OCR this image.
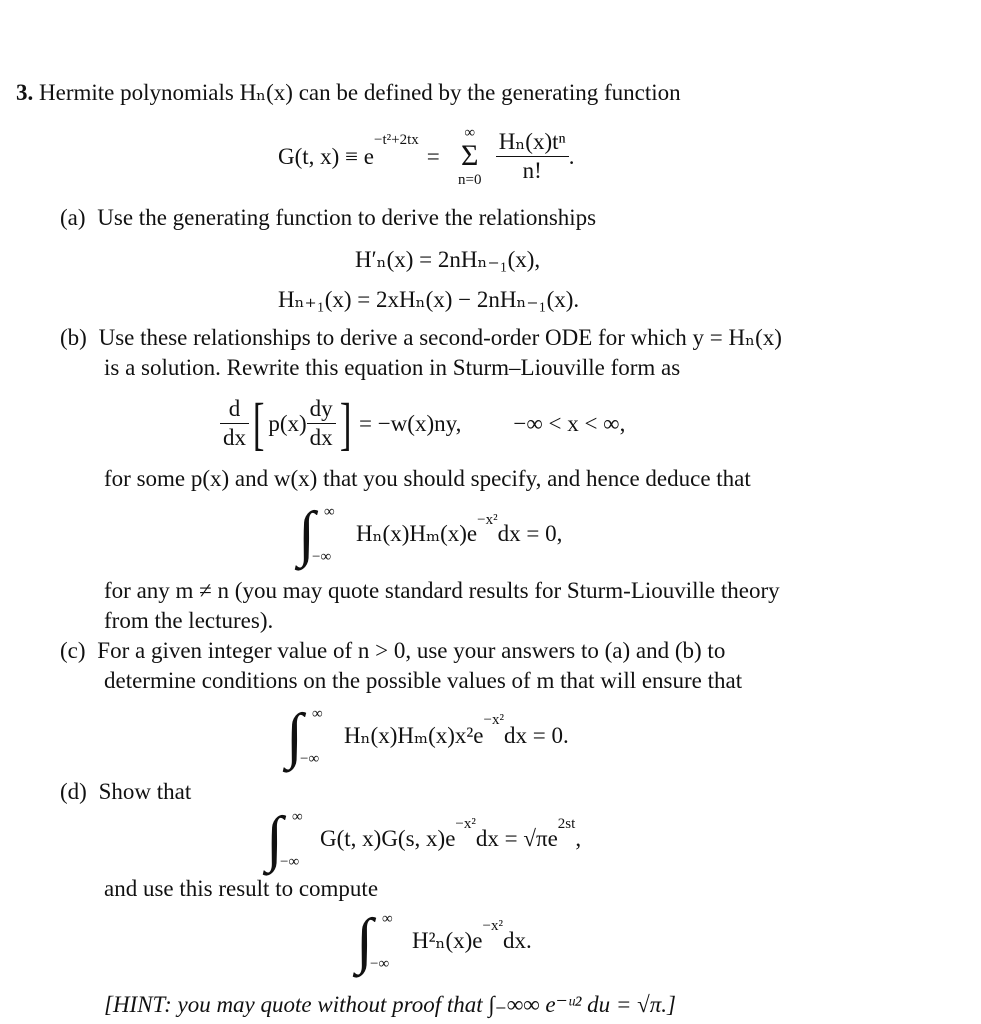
3. Hermite polynomials Hₙ(x) can be defined by the generating function
G(t, x) ≡ e
$^{-t^2+2tx}$
=
∞
Σ
$n=0 \frac{\text{Hₙ(x)tⁿ}}{n!}$ .
(a) Use the generating function to derive the relationships
H′ₙ(x) = 2nHₙ₋₁(x),
Hₙ₊₁(x) = 2xHₙ(x) − 2nHₙ₋₁(x).
(b) Use these relationships to derive a second-order ODE for which y = Hₙ(x)
is a solution. Rewrite this equation in Sturm–Liouville form as
$\frac{d}{dx}$ [ $p(x) \frac{dy}{dx}$ ] = −w(x)ny, −∞ < x < ∞,
for some p(x) and w(x) that you should specify, and hence deduce that
∫ ∞
−∞
Hₙ(x)Hₘ(x)e
$^{-x^2}$
dx = 0,
for any m ≠ n (you may quote standard results for Sturm-Liouville theory
from the lectures).
(c) For a given integer value of n > 0, use your answers to (a) and (b) to
determine conditions on the possible values of m that will ensure that
∫ ∞
−∞
Hₙ(x)Hₘ(x)x²e
$^{-x^2}$
dx = 0.
(d) Show that
∫ ∞
−∞
G(t, x)G(s, x)e
$^{-x^2}$
dx = √πe
$^{2st}$
,
and use this result to compute
∫ ∞
−∞
H²ₙ(x)e
$^{-x^2}$
dx.
[HINT: you may quote without proof that ∫₋∞∞ e⁻ᵘ² du = √π.]
